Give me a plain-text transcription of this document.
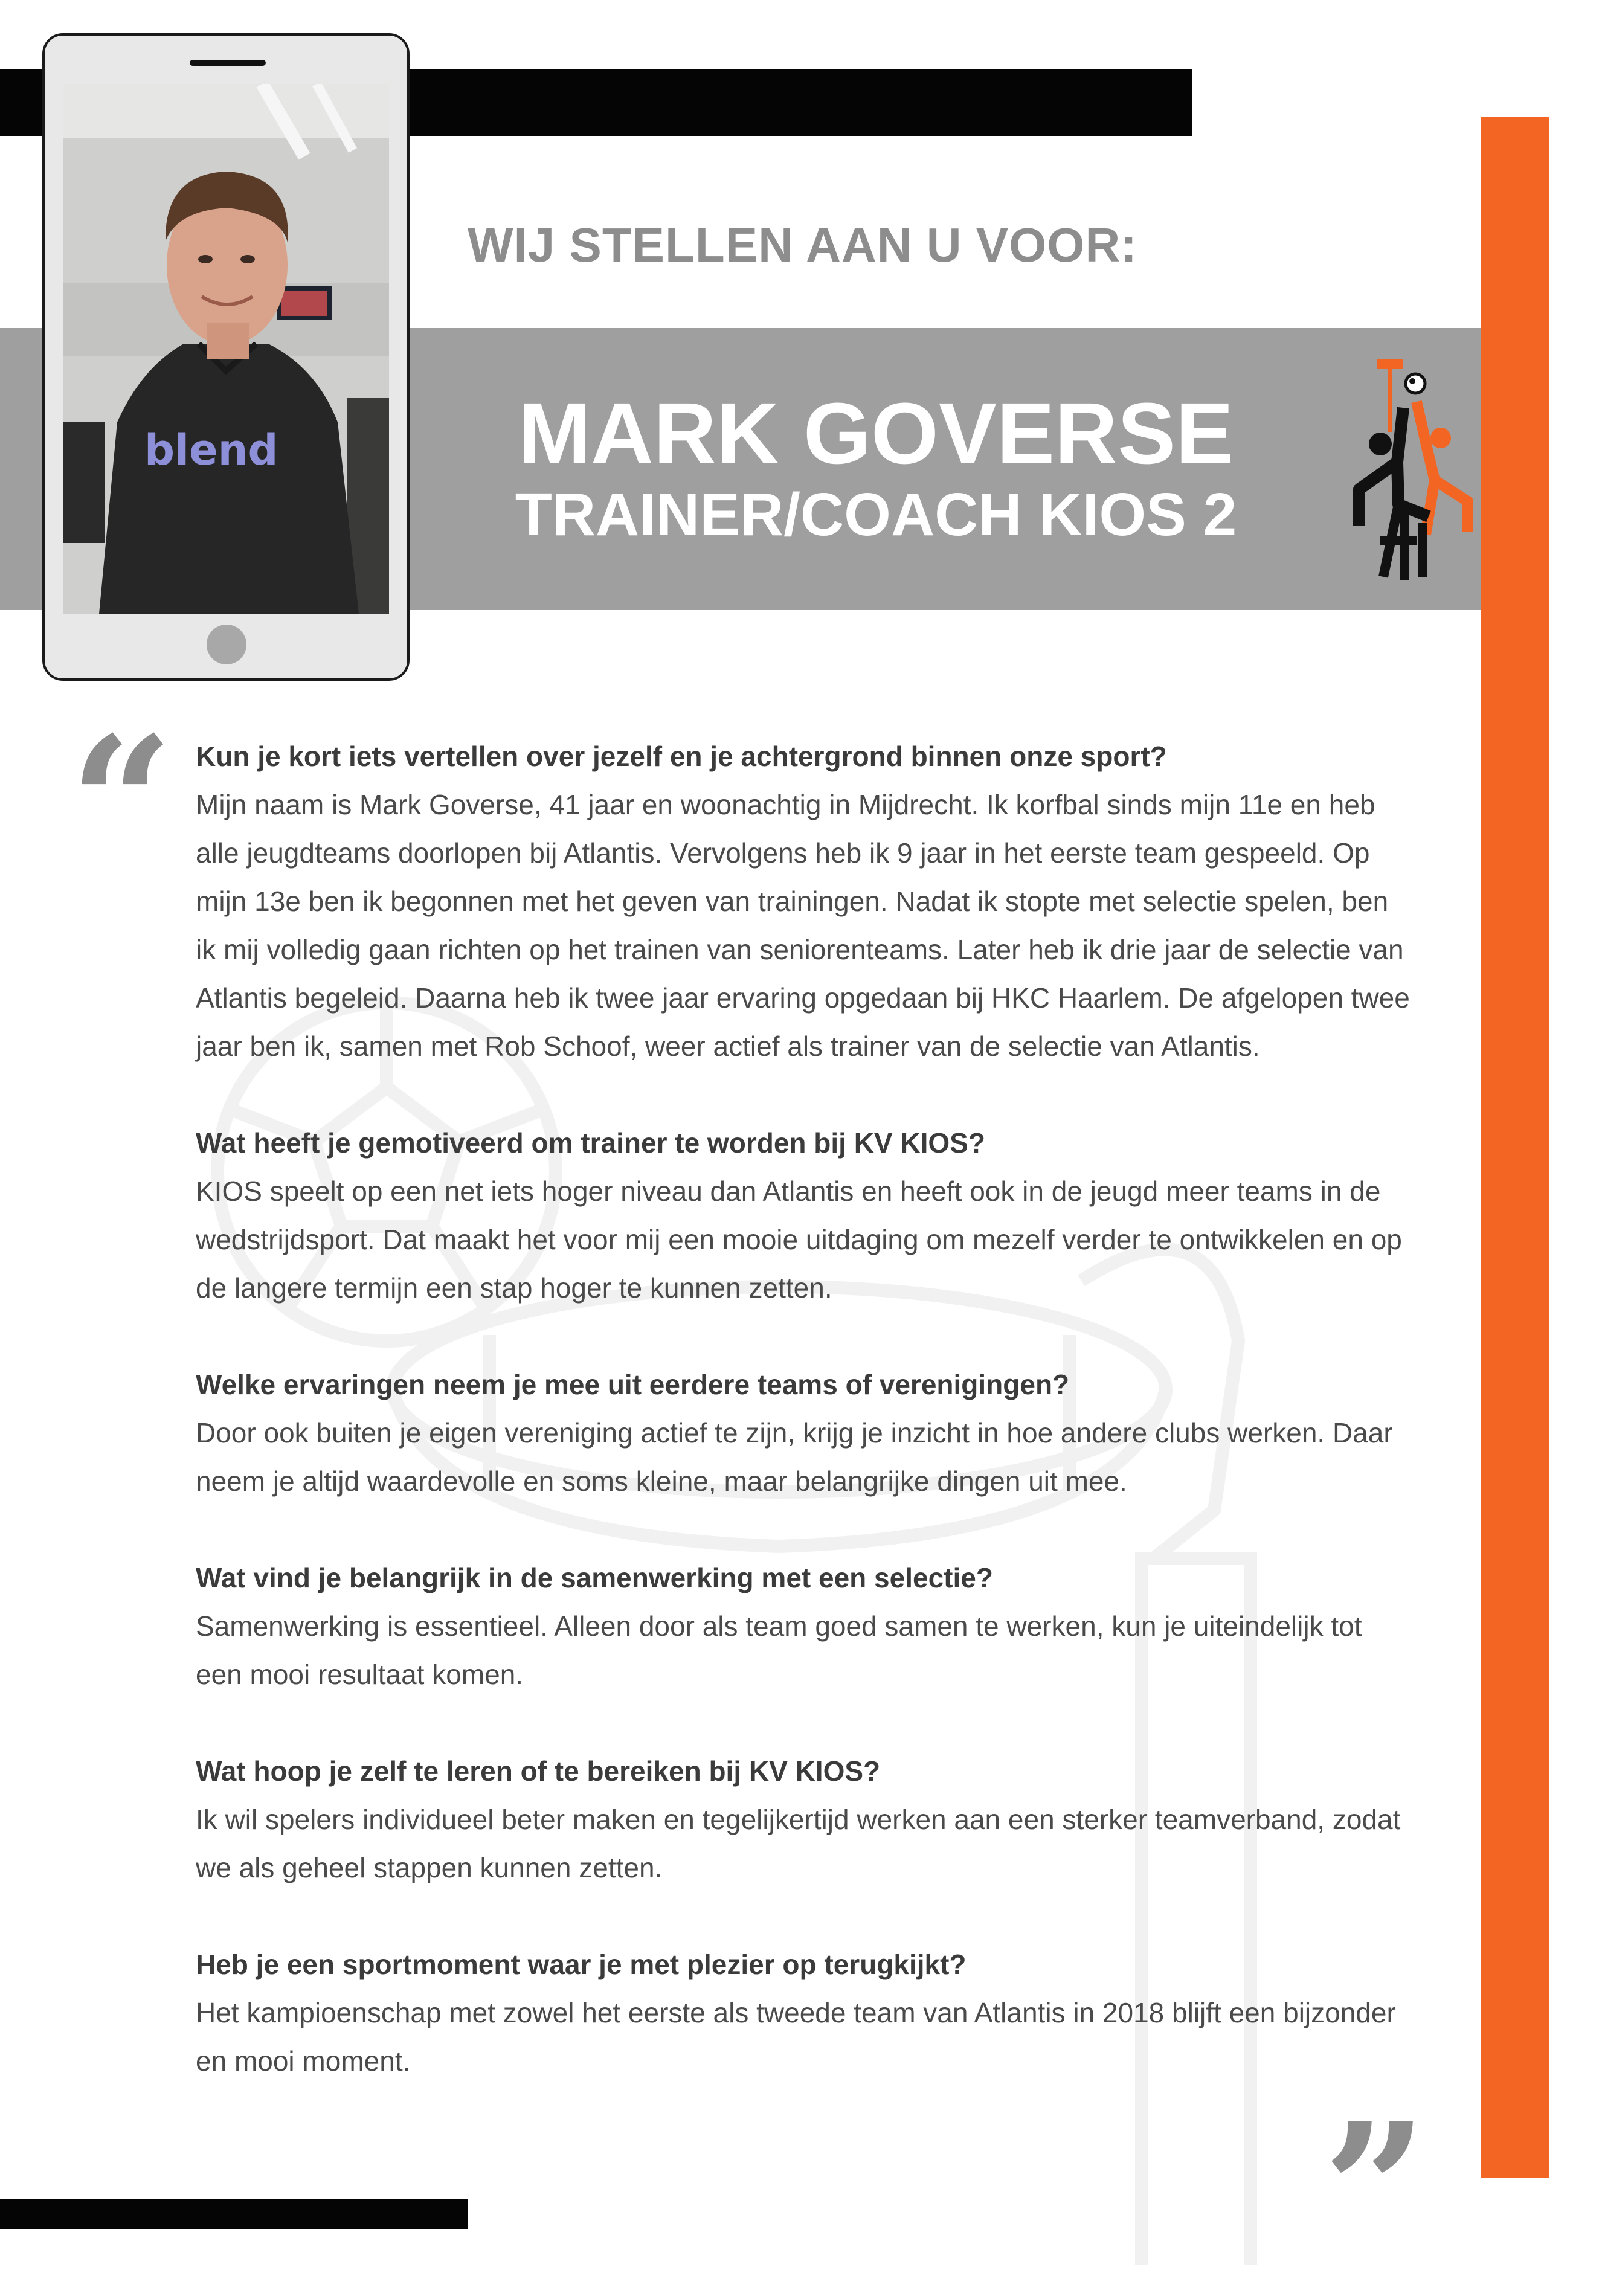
blend
WIJ STELLEN AAN U VOOR:
MARK GOVERSE
TRAINER/COACH KIOS 2
“
”
Kun je kort iets vertellen over jezelf en je achtergrond binnen onze sport?

Mijn naam is Mark Goverse, 41 jaar en woonachtig in Mijdrecht. Ik korfbal sinds mijn 11e en heb alle jeugdteams doorlopen bij Atlantis. Vervolgens heb ik 9 jaar in het eerste team gespeeld. Op mijn 13e ben ik begonnen met het geven van trainingen. Nadat ik stopte met selectie spelen, ben ik mij volledig gaan richten op het trainen van seniorenteams. Later heb ik drie jaar de selectie van Atlantis begeleid. Daarna heb ik twee jaar ervaring opgedaan bij HKC Haarlem. De afgelopen twee jaar ben ik, samen met Rob Schoof, weer actief als trainer van de selectie van Atlantis.

Wat heeft je gemotiveerd om trainer te worden bij KV KIOS?

KIOS speelt op een net iets hoger niveau dan Atlantis en heeft ook in de jeugd meer teams in de wedstrijdsport. Dat maakt het voor mij een mooie uitdaging om mezelf verder te ontwikkelen en op de langere termijn een stap hoger te kunnen zetten.

Welke ervaringen neem je mee uit eerdere teams of verenigingen?

Door ook buiten je eigen vereniging actief te zijn, krijg je inzicht in hoe andere clubs werken. Daar neem je altijd waardevolle en soms kleine, maar belangrijke dingen uit mee.

Wat vind je belangrijk in de samenwerking met een selectie?

Samenwerking is essentieel. Alleen door als team goed samen te werken, kun je uiteindelijk tot een mooi resultaat komen.

Wat hoop je zelf te leren of te bereiken bij KV KIOS?

Ik wil spelers individueel beter maken en tegelijkertijd werken aan een sterker teamverband, zodat we als geheel stappen kunnen zetten.

Heb je een sportmoment waar je met plezier op terugkijkt?

Het kampioenschap met zowel het eerste als tweede team van Atlantis in 2018 blijft een bijzonder en mooi moment.
